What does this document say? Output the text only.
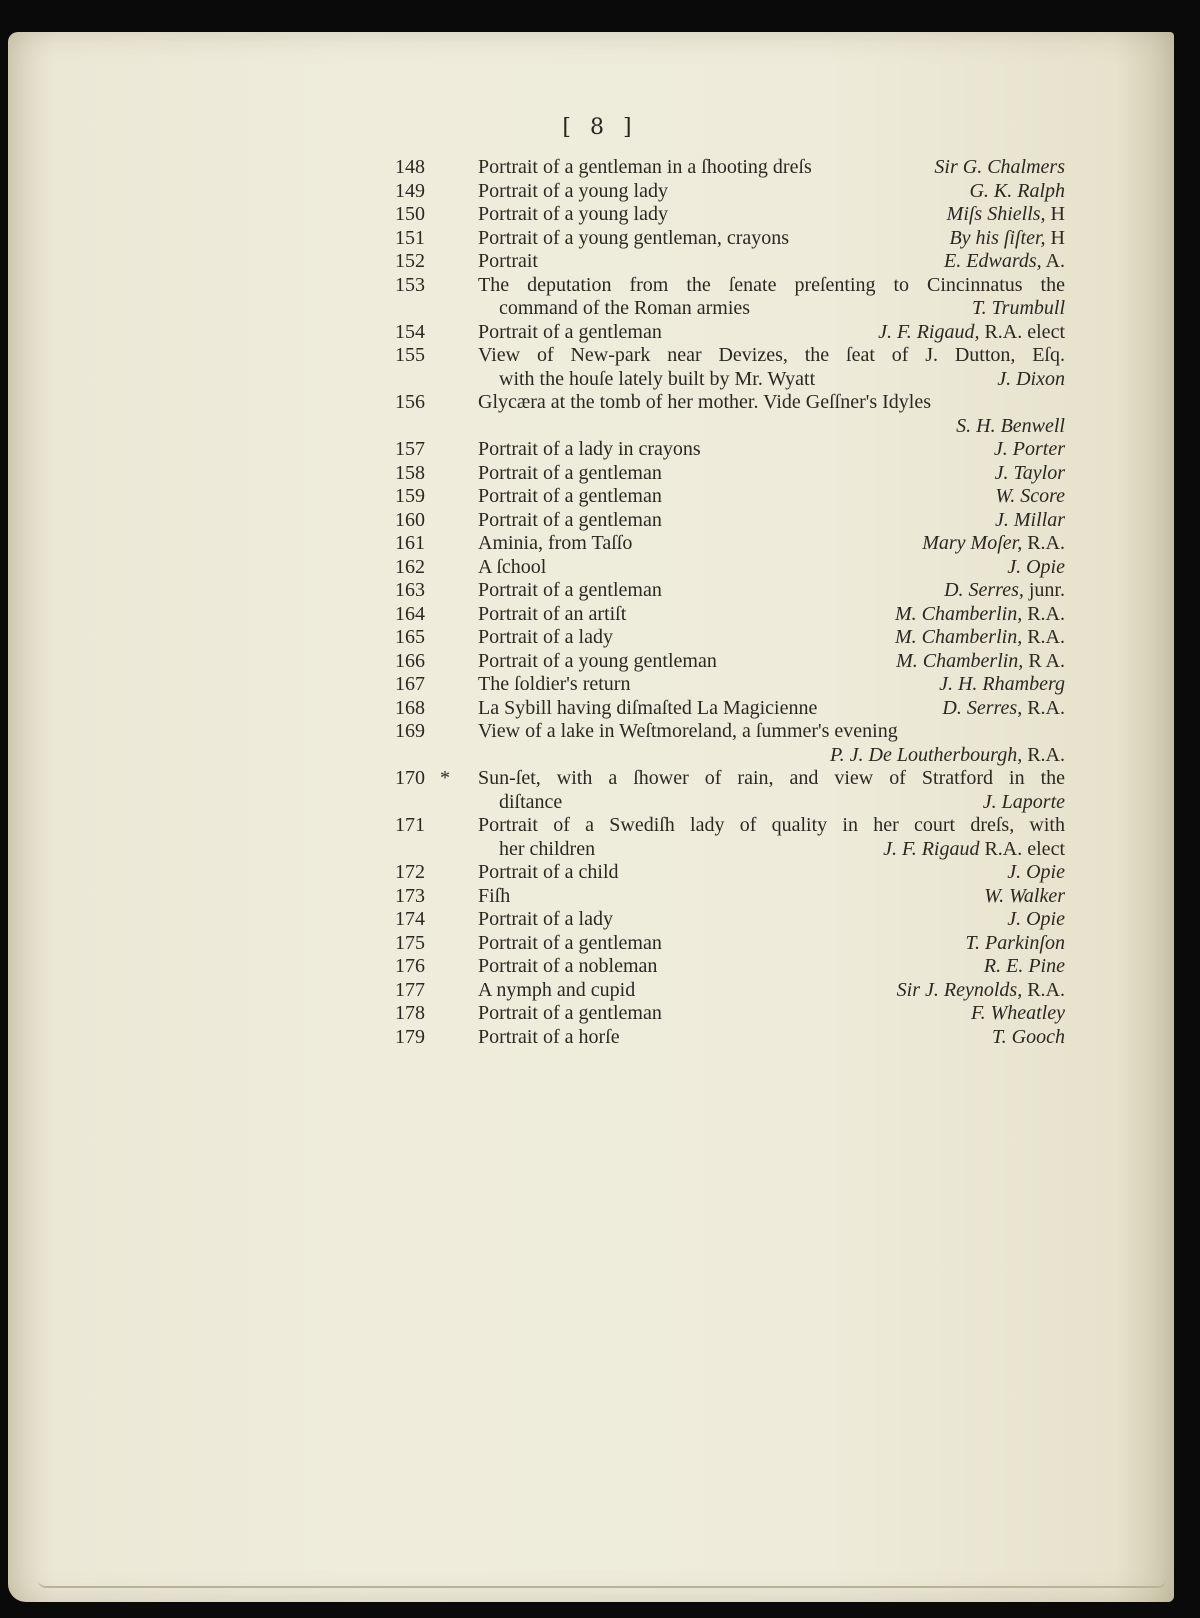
[ 8 ]
148	Portrait of a gentleman in a ſhooting dreſs	Sir G. Chalmers
149	Portrait of a young lady	G. K. Ralph
150	Portrait of a young lady	Miſs Shiells, H
151	Portrait of a young gentleman, crayons	By his ſiſter, H
152	Portrait	E. Edwards, A.
153	The deputation from the ſenate preſenting to Cincinnatus the
command of the Roman armies	T. Trumbull
154	Portrait of a gentleman	J. F. Rigaud, R.A. elect
155	View of New-park near Devizes, the ſeat of J. Dutton, Eſq.
with the houſe lately built by Mr. Wyatt	J. Dixon
156	Glycæra at the tomb of her mother. Vide Geſſner's Idyles
S. H. Benwell
157	Portrait of a lady in crayons	J. Porter
158	Portrait of a gentleman	J. Taylor
159	Portrait of a gentleman	W. Score
160	Portrait of a gentleman	J. Millar
161	Aminia, from Taſſo	Mary Moſer, R.A.
162	A ſchool	J. Opie
163	Portrait of a gentleman	D. Serres, junr.
164	Portrait of an artiſt	M. Chamberlin, R.A.
165	Portrait of a lady	M. Chamberlin, R.A.
166	Portrait of a young gentleman	M. Chamberlin, R A.
167	The ſoldier's return	J. H. Rhamberg
168	La Sybill having diſmaſted La Magicienne	D. Serres, R.A.
169	View of a lake in Weſtmoreland, a ſummer's evening
P. J. De Loutherbourgh, R.A.
170 * Sun-ſet, with a ſhower of rain, and view of Stratford in the
diſtance	J. Laporte
171	Portrait of a Swediſh lady of quality in her court dreſs, with
her children	J. F. Rigaud R.A. elect
172	Portrait of a child	J. Opie
173	Fiſh	W. Walker
174	Portrait of a lady	J. Opie
175	Portrait of a gentleman	T. Parkinſon
176	Portrait of a nobleman	R. E. Pine
177	A nymph and cupid	Sir J. Reynolds, R.A.
178	Portrait of a gentleman	F. Wheatley
179	Portrait of a horſe	T. Gooch
